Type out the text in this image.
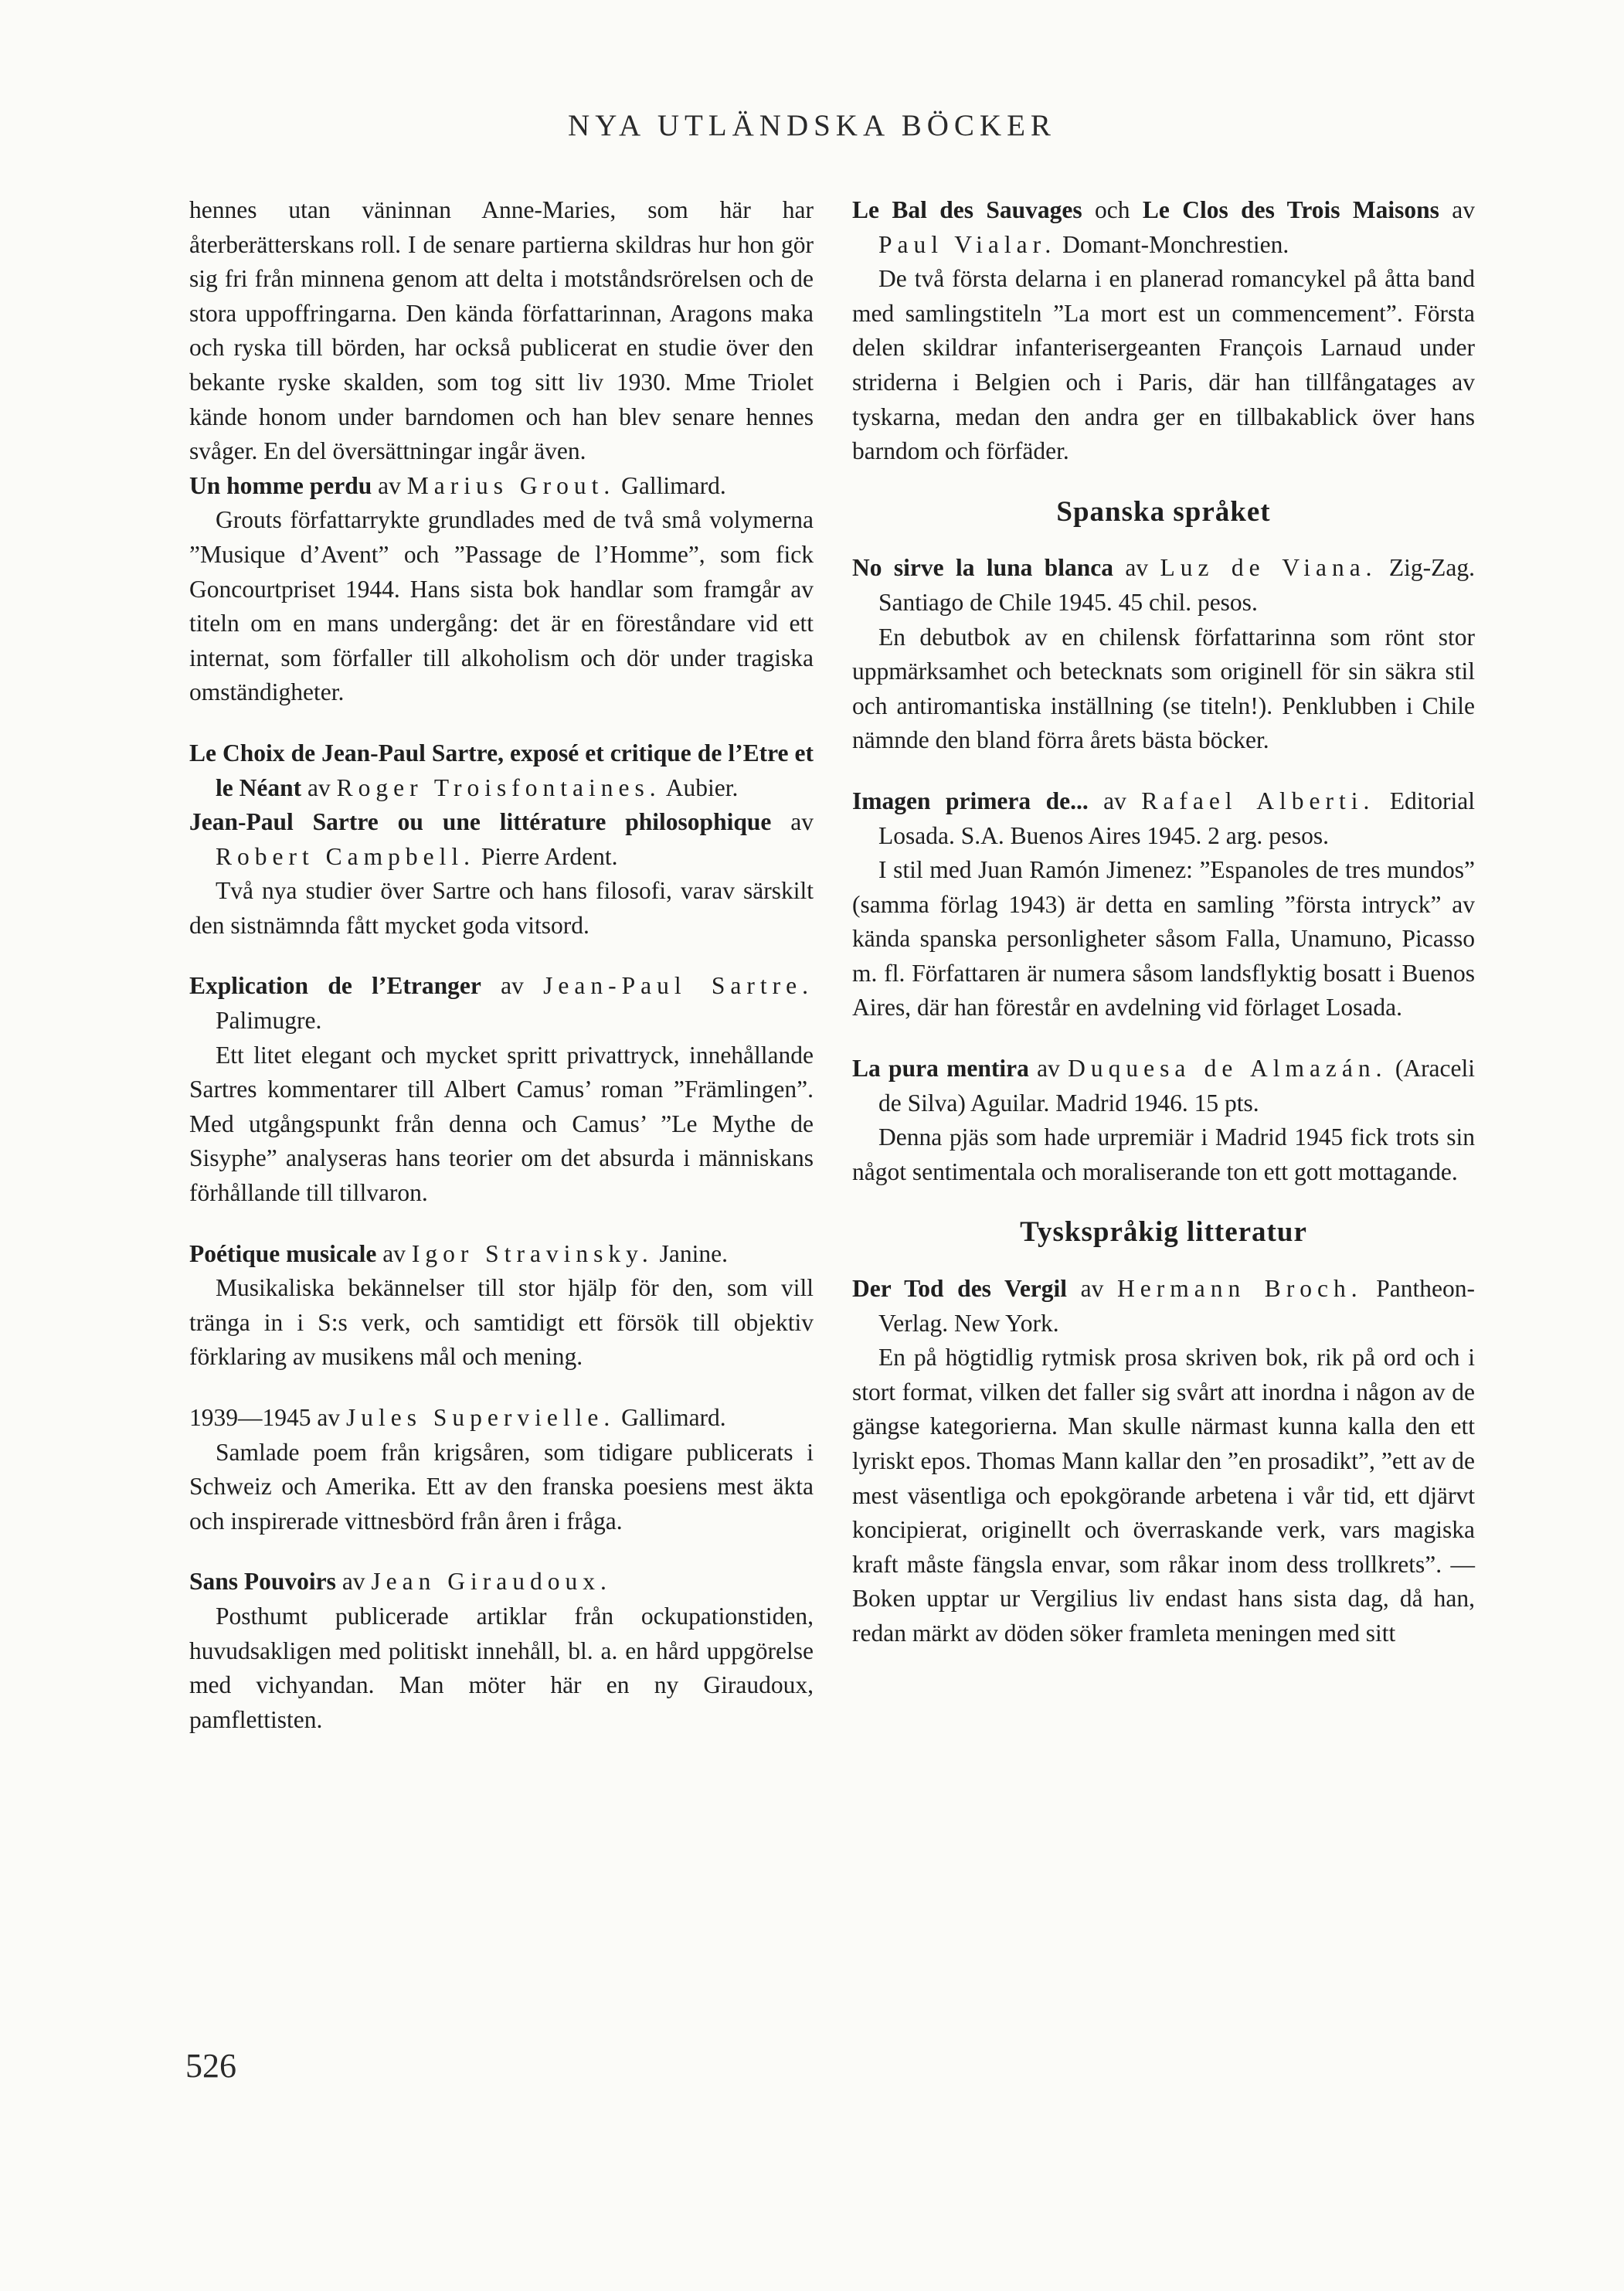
NYA UTLÄNDSKA BÖCKER

hennes utan väninnan Anne-Maries, som här har återberätterskans roll. I de senare partierna skildras hur hon gör sig fri från minnena genom att delta i motståndsrörelsen och de stora uppoffringarna. Den kända författarinnan, Aragons maka och ryska till börden, har också publicerat en studie över den bekante ryske skalden, som tog sitt liv 1930. Mme Triolet kände honom under barndomen och han blev senare hennes svåger. En del översättningar ingår även.

Un homme perdu av Marius Grout. Gallimard.

Grouts författarrykte grundlades med de två små volymerna ”Musique d’Avent” och ”Passage de l’Homme”, som fick Goncourtpriset 1944. Hans sista bok handlar som framgår av titeln om en mans undergång: det är en föreståndare vid ett internat, som förfaller till alkoholism och dör under tragiska omständigheter.

Le Choix de Jean-Paul Sartre, exposé et critique de l’Etre et le Néant av Roger Troisfontaines. Aubier.

Jean-Paul Sartre ou une littérature philosophique av Robert Campbell. Pierre Ardent.

Två nya studier över Sartre och hans filosofi, varav särskilt den sistnämnda fått mycket goda vitsord.

Explication de l’Etranger av Jean-Paul Sartre. Palimugre.

Ett litet elegant och mycket spritt privattryck, innehållande Sartres kommentarer till Albert Camus’ roman ”Främlingen”. Med utgångspunkt från denna och Camus’ ”Le Mythe de Sisyphe” analyseras hans teorier om det absurda i människans förhållande till tillvaron.

Poétique musicale av Igor Stravinsky. Janine.

Musikaliska bekännelser till stor hjälp för den, som vill tränga in i S:s verk, och samtidigt ett försök till objektiv förklaring av musikens mål och mening.

1939—1945 av Jules Supervielle. Gallimard.

Samlade poem från krigsåren, som tidigare publicerats i Schweiz och Amerika. Ett av den franska poesiens mest äkta och inspirerade vittnesbörd från åren i fråga.

Sans Pouvoirs av Jean Giraudoux.

Posthumt publicerade artiklar från ockupationstiden, huvudsakligen med politiskt innehåll, bl. a. en hård uppgörelse med vichyandan. Man möter här en ny Giraudoux, pamflettisten.

Le Bal des Sauvages och Le Clos des Trois Maisons av Paul Vialar. Domant-Monchrestien.

De två första delarna i en planerad romancykel på åtta band med samlingstiteln ”La mort est un commencement”. Första delen skildrar infanterisergeanten François Larnaud under striderna i Belgien och i Paris, där han tillfångatages av tyskarna, medan den andra ger en tillbakablick över hans barndom och förfäder.

Spanska språket

No sirve la luna blanca av Luz de Viana. Zig-Zag. Santiago de Chile 1945. 45 chil. pesos.

En debutbok av en chilensk författarinna som rönt stor uppmärksamhet och betecknats som originell för sin säkra stil och antiromantiska inställning (se titeln!). Penklubben i Chile nämnde den bland förra årets bästa böcker.

Imagen primera de... av Rafael Alberti. Editorial Losada. S.A. Buenos Aires 1945. 2 arg. pesos.

I stil med Juan Ramón Jimenez: ”Espanoles de tres mundos” (samma förlag 1943) är detta en samling ”första intryck” av kända spanska personligheter såsom Falla, Unamuno, Picasso m. fl. Författaren är numera såsom landsflyktig bosatt i Buenos Aires, där han förestår en avdelning vid förlaget Losada.

La pura mentira av Duquesa de Almazán. (Araceli de Silva) Aguilar. Madrid 1946. 15 pts.

Denna pjäs som hade urpremiär i Madrid 1945 fick trots sin något sentimentala och moraliserande ton ett gott mottagande.

Tyskspråkig litteratur

Der Tod des Vergil av Hermann Broch. Pantheon-Verlag. New York.

En på högtidlig rytmisk prosa skriven bok, rik på ord och i stort format, vilken det faller sig svårt att inordna i någon av de gängse kategorierna. Man skulle närmast kunna kalla den ett lyriskt epos. Thomas Mann kallar den ”en prosadikt”, ”ett av de mest väsentliga och epokgörande arbetena i vår tid, ett djärvt koncipierat, originellt och överraskande verk, vars magiska kraft måste fängsla envar, som råkar inom dess trollkrets”. — Boken upptar ur Vergilius liv endast hans sista dag, då han, redan märkt av döden söker framleta meningen med sitt

526
